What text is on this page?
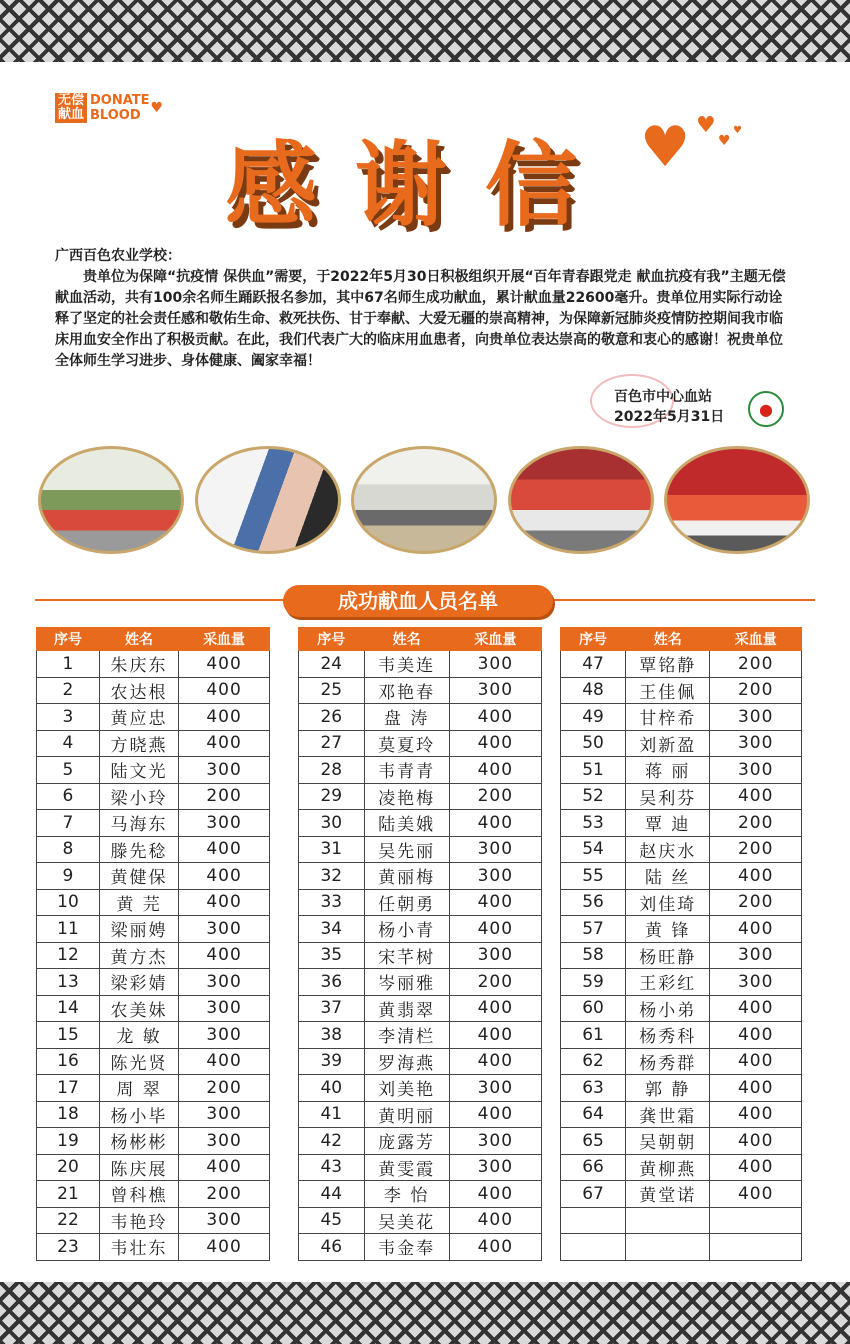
无偿献血
DONATE
BLOOD ♥
感谢信 ♥ ♥
♥
♥

广西百色农业学校：

贵单位为保障“抗疫情 保供血”需要，于2022年5月30日积极组织开展“百年青春跟党走 献血抗疫有我”主题无偿献血活动，共有100余名师生踊跃报名参加，其中67名师生成功献血，累计献血量22600毫升。贵单位用实际行动诠释了坚定的社会责任感和敬佑生命、救死扶伤、甘于奉献、大爱无疆的崇高精神，为保障新冠肺炎疫情防控期间我市临床用血安全作出了积极贡献。在此，我们代表广大的临床用血患者，向贵单位表达崇高的敬意和衷心的感谢！祝贵单位全体师生学习进步、身体健康、阖家幸福！

百色市中心血站
2022年5月31日	●
成功献血人员名单
序号	姓名	采血量
1	朱庆东	400
2	农达根	400
3	黄应忠	400
4	方晓燕	400
5	陆文光	300
6	梁小玲	200
7	马海东	300
8	滕先稔	400
9	黄健保	400
10	黄 芫	400
11	梁丽娉	300
12	黄方杰	400
13	梁彩婧	300
14	农美妹	300
15	龙 敏	300
16	陈光贤	400
17	周 翠	200
18	杨小毕	300
19	杨彬彬	300
20	陈庆展	400
21	曾科樵	200
22	韦艳玲	300
23	韦壮东	400
序号	姓名	采血量
24	韦美连	300
25	邓艳春	300
26	盘 涛	400
27	莫夏玲	400
28	韦青青	400
29	凌艳梅	200
30	陆美娥	400
31	吴先丽	300
32	黄丽梅	300
33	任朝勇	400
34	杨小青	400
35	宋芊树	300
36	岑丽雅	200
37	黄翡翠	400
38	李清栏	400
39	罗海燕	400
40	刘美艳	300
41	黄明丽	400
42	庞露芳	300
43	黄雯霞	300
44	李 怡	400
45	吴美花	400
46	韦金奉	400
序号	姓名	采血量
47	覃铭静	200
48	王佳佩	200
49	甘梓希	300
50	刘新盈	300
51	蒋 丽	300
52	吴利芬	400
53	覃 迪	200
54	赵庆水	200
55	陆 丝	400
56	刘佳琦	200
57	黄 锋	400
58	杨旺静	300
59	王彩红	300
60	杨小弟	400
61	杨秀科	400
62	杨秀群	400
63	郭 静	400
64	龚世霜	400
65	吴朝朝	400
66	黄柳燕	400
67	黄堂诺	400
